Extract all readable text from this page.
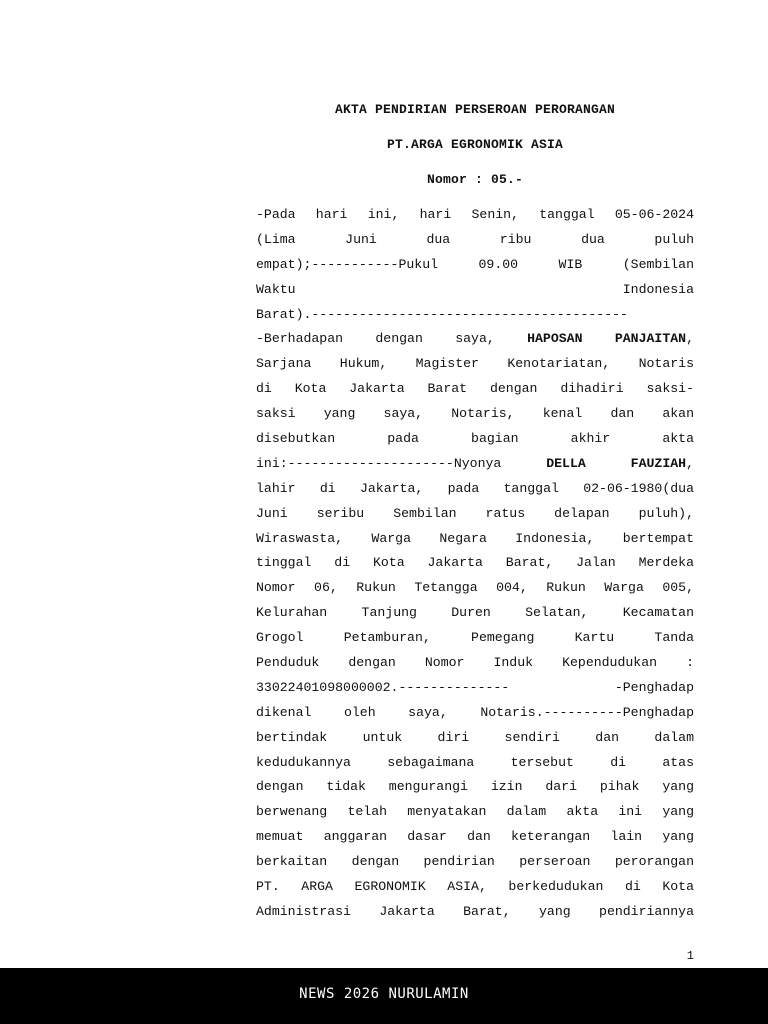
AKTA PENDIRIAN PERSEROAN PERORANGAN
PT.ARGA EGRONOMIK ASIA
Nomor : 05.-
-Pada hari ini, hari Senin, tanggal 05-06-2024
(Lima Juni dua ribu dua puluh
empat);-----------Pukul 09.00 WIB (Sembilan
Waktu Indonesia
Barat).----------------------------------------
-Berhadapan dengan saya, HAPOSAN PANJAITAN,
Sarjana Hukum, Magister Kenotariatan, Notaris
di Kota Jakarta Barat dengan dihadiri saksi-
saksi yang saya, Notaris, kenal dan akan
disebutkan pada bagian akhir akta
ini:---------------------Nyonya DELLA FAUZIAH,
lahir di Jakarta, pada tanggal 02-06-1980(dua
Juni seribu Sembilan ratus delapan puluh),
Wiraswasta, Warga Negara Indonesia, bertempat
tinggal di Kota Jakarta Barat, Jalan Merdeka
Nomor 06, Rukun Tetangga 004, Rukun Warga 005,
Kelurahan Tanjung Duren Selatan, Kecamatan
Grogol Petamburan, Pemegang Kartu Tanda
Penduduk dengan Nomor Induk Kependudukan :
33022401098000002.-------------- -Penghadap
dikenal oleh saya, Notaris.----------Penghadap
bertindak untuk diri sendiri dan dalam
kedudukannya sebagaimana tersebut di atas
dengan tidak mengurangi izin dari pihak yang
berwenang telah menyatakan dalam akta ini yang
memuat anggaran dasar dan keterangan lain yang
berkaitan dengan pendirian perseroan perorangan
PT. ARGA EGRONOMIK ASIA, berkedudukan di Kota
Administrasi Jakarta Barat, yang pendiriannya
1
NEWS 2026 NURULAMIN
